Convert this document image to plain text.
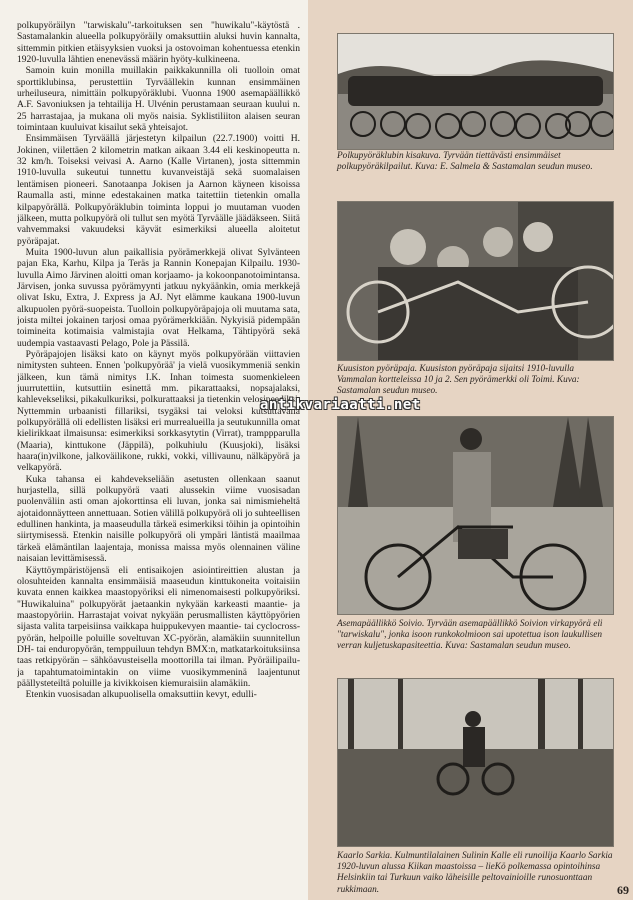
polkupyöräilyn "tarwiskalu"-tarkoituksen sen "huwikalu"-käytöstä . Sastamalankin alueella polkupyöräily omaksuttiin aluksi huvin kannalta, sittemmin pitkien etäisyyksien vuoksi ja ostovoiman kohentuessa etenkin 1920-luvulla lähtien enenevässä määrin hyöty-kulkineena.

Samoin kuin monilla muillakin paikkakunnilla oli tuolloin omat sporttiklubinsa, perustettiin Tyrväällekin kunnan ensimmäinen urheiluseura, nimittäin polkupyöräklubi. Vuonna 1900 asemapäällikkö A.F. Savoniuksen ja tehtailija H. Ulvénin perustamaan seuraan kuului n. 25 harrastajaa, ja mukana oli myös naisia. Syklistiliiton alaisen seuran toimintaan kuuluivat kisailut sekä yhteisajot.

Ensimmäisen Tyrväällä järjestetyn kilpailun (22.7.1900) voitti H. Jokinen, viilettäen 2 kilometrin matkan aikaan 3.44 eli keskinopeutta n. 32 km/h. Toiseksi veivasi A. Aarno (Kalle Virtanen), josta sittemmin 1910-luvulla sukeutui tunnettu kuvanveistäjä sekä suomalaisen lentämisen pioneeri. Sanotaanpa Jokisen ja Aarnon käyneen kisoissa Raumalla asti, minne edestakainen matka taitettiin tietenkin omalla kilpapyörällä. Polkupyöräklubin toiminta loppui jo muutaman vuoden jälkeen, mutta polkupyörä oli tullut sen myötä Tyrväälle jäädäkseen. Siitä vahvemmaksi vakuudeksi käyvät esimerkiksi alueella aloitetut pyöräpajat.

Muita 1900-luvun alun paikallisia pyörämerkkejä olivat Sylvänteen pajan Eka, Karhu, Kilpa ja Teräs ja Rannin Konepajan Kilpailu. 1930-luvulla Aimo Järvinen aloitti oman korjaamo- ja kokoonpanotoimintansa. Järvisen, jonka suvussa pyörämyynti jatkuu nykyäänkin, omia merkkejä olivat Isku, Extra, J. Express ja AJ. Nyt elämme kaukana 1900-luvun alkupuolen pyörä-suopeista. Tuolloin polkupyöräpajoja oli muutama sata, joista miltei jokainen tarjosi omaa pyörämerkkiään. Nykyisiä pidempään toimineita kotimaisia valmistajia ovat Helkama, Tähtipyörä sekä uudempia vastaavasti Pelago, Pole ja Pässilä.

Pyöräpajojen lisäksi kato on käynyt myös polkupyörään viittavien nimitysten suhteen. Ennen 'polkupyörää' ja vielä vuosikymmeniä senkin jälkeen, kun tämä nimitys I.K. Inhan toimesta suomenkieleen juurrutettiin, kutsuttiin esinettä mm. pikarattaaksi, nopsajalaksi, kahlevekseliksi, pikakulkuriksi, polkurattaaksi ja tietenkin velosipeediksi. Nyttemmin urbaanisti fillariksi, tsygäksi tai veloksi kutsuttavalla polkupyörällä oli edellisten lisäksi eri murrealueilla ja seutukunnilla omat kielirikkaat ilmaisunsa: esimerkiksi sorkkasytytin (Virrat), tramppparulla (Maaria), kinttukone (Jäppilä), polkuhiulu (Kuusjoki), lisäksi haara(in)vilkone, jalkoväilikone, rukki, vokki, villivaunu, nälkäpyörä ja velkapyörä.

Kuka tahansa ei kahdevekseliään asetusten ollenkaan saanut hurjastella, sillä polkupyörä vaati alussekin viime vuosisadan puolenväliin asti oman ajokorttinsa eli luvan, jonka sai nimismieheltä ajotaidonnäytteen annettuaan. Sotien välillä polkupyörä oli jo suhteellisen edullinen hankinta, ja maaseudulla tärkeä esimerkiksi töihin ja opintoihin siirtymisessä. Etenkin naisille polkupyörä oli ympäri läntistä maailmaa tärkeä elämäntilan laajentaja, monissa maissa myös olennainen väline naisaian levittämisessä.

Käyttöympäristöjensä eli entisaikojen asiointireittien alustan ja olosuhteiden kannalta ensimmäisiä maaseudun kinttukoneita voitaisiin kuvata ennen kaikkea maastopyöriksi eli nimenomaisesti polkupyöriksi. "Huwikaluina" polkupyörät jaetaankin nykyään karkeasti maantie- ja maastopyöriin. Harrastajat voivat nykyään perusmallisten käyttöpyörien sijasta valita tarpeisiinsa vaikkapa huippukevyen maantie- tai cyclocross-pyörän, helpoille poluille soveltuvan XC-pyörän, alamäkiin suunnitellun DH- tai enduropyörän, temppuiluun tehdyn BMX:n, matkatarkoituksiinsa taas retkipyörän – sähköavusteisella moottorilla tai ilman. Pyöräilipailu- ja tapahtumatoimintakin on viime vuosikymmeninä laajentunut päällysteteiltä poluille ja kivikkoisen kiemuraisiin alamäkiin.

Etenkin vuosisadan alkupuolisella omaksuttiin kevyt, edulli-

Polkupyöräklubin kisakuva. Tyrvään tiettävästi ensimmäiset polkupyöräkilpailut. Kuva: E. Salmela & Sastamalan seudun museo.
Kuusiston pyöräpaja. Kuusiston pyöräpaja sijaitsi 1910-luvulla Vammalan kortteleissa 10 ja 2. Sen pyörämerkki oli Toimi. Kuva: Sastamalan seudun museo.
Asemapäällikkö Soivio. Tyrvään asemapäällikkö Soivion virkapyörä eli "tarwiskalu", jonka isoon runkokolmioon sai upotettua ison laukullisen verran kuljetuskapasiteettia. Kuva: Sastamalan seudun museo.
Kaarlo Sarkia. Kulmuntilalainen Sulinin Kalle eli runoilija Kaarlo Sarkia 1920-luvun alussa Kiikan maastoissa – lieKö polkemassa opintoihinsa Helsinkiin tai Turkuun vaiko läheisille peltovainioille runosuonttaan rukkimaan.	69
antikvariaatti.net
